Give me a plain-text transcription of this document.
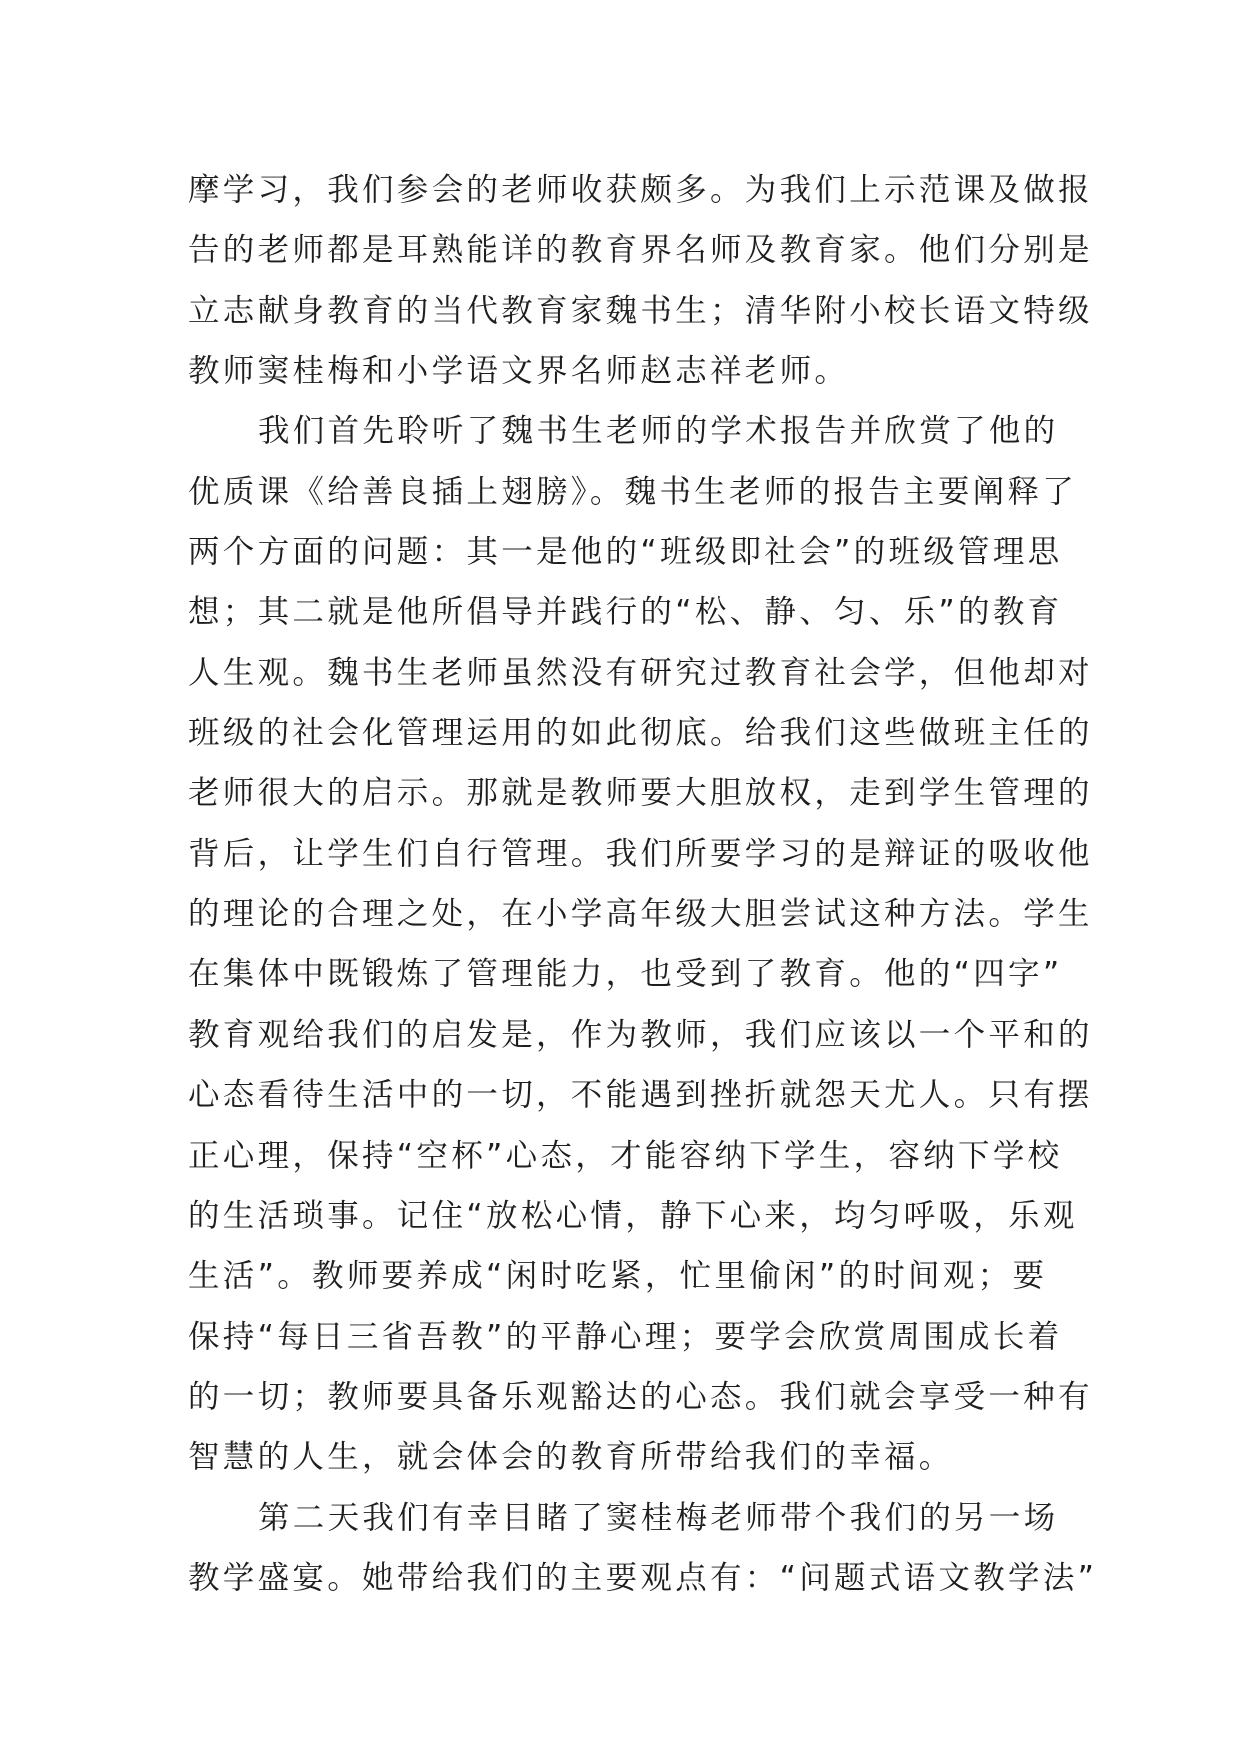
摩学习，我们参会的老师收获颇多。为我们上示范课及做报
告的老师都是耳熟能详的教育界名师及教育家。他们分别是
立志献身教育的当代教育家魏书生；清华附小校长语文特级
教师窦桂梅和小学语文界名师赵志祥老师。
我们首先聆听了魏书生老师的学术报告并欣赏了他的
优质课《给善良插上翅膀》。魏书生老师的报告主要阐释了
两个方面的问题：其一是他的“班级即社会”的班级管理思
想；其二就是他所倡导并践行的“松、静、匀、乐”的教育
人生观。魏书生老师虽然没有研究过教育社会学，但他却对
班级的社会化管理运用的如此彻底。给我们这些做班主任的
老师很大的启示。那就是教师要大胆放权，走到学生管理的
背后，让学生们自行管理。我们所要学习的是辩证的吸收他
的理论的合理之处，在小学高年级大胆尝试这种方法。学生
在集体中既锻炼了管理能力，也受到了教育。他的“四字”
教育观给我们的启发是，作为教师，我们应该以一个平和的
心态看待生活中的一切，不能遇到挫折就怨天尤人。只有摆
正心理，保持“空杯”心态，才能容纳下学生，容纳下学校
的生活琐事。记住“放松心情，静下心来，均匀呼吸，乐观
生活”。教师要养成“闲时吃紧，忙里偷闲”的时间观；要
保持“每日三省吾教”的平静心理；要学会欣赏周围成长着
的一切；教师要具备乐观豁达的心态。我们就会享受一种有
智慧的人生，就会体会的教育所带给我们的幸福。
第二天我们有幸目睹了窦桂梅老师带个我们的另一场
教学盛宴。她带给我们的主要观点有：“问题式语文教学法”
